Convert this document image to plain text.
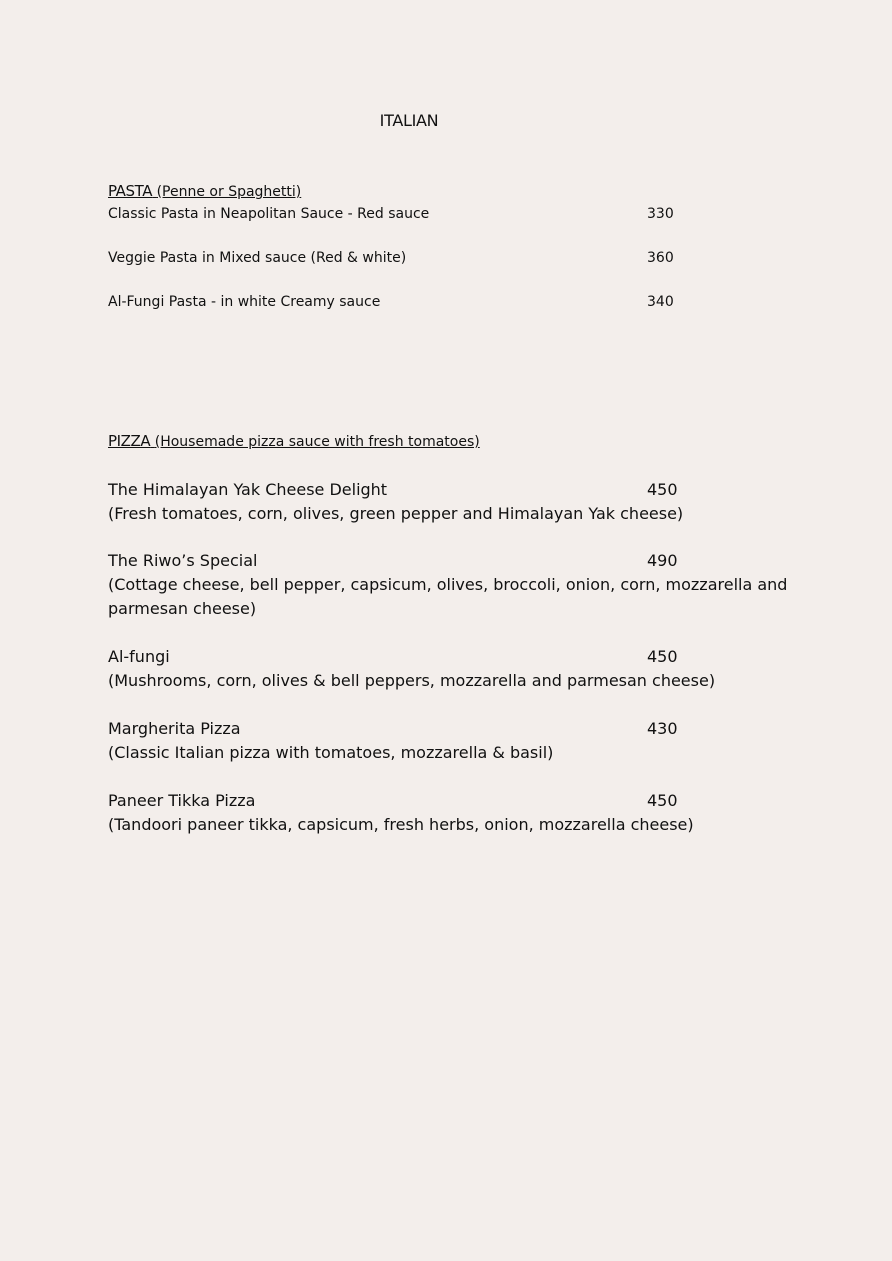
ITALIAN
PASTA (Penne or Spaghetti)
Classic Pasta in Neapolitan Sauce - Red sauce	330
Veggie Pasta in Mixed sauce (Red & white)	360
Al-Fungi Pasta - in white Creamy sauce	340
PIZZA (Housemade pizza sauce with fresh tomatoes)
The Himalayan Yak Cheese Delight	450
(Fresh tomatoes, corn, olives, green pepper and Himalayan Yak cheese)
The Riwo’s Special	490
(Cottage cheese, bell pepper, capsicum, olives, broccoli, onion, corn, mozzarella and parmesan cheese)
Al-fungi	450
(Mushrooms, corn, olives & bell peppers, mozzarella and parmesan cheese)
Margherita Pizza	430
(Classic Italian pizza with tomatoes, mozzarella & basil)
Paneer Tikka Pizza	450
(Tandoori paneer tikka, capsicum, fresh herbs, onion, mozzarella cheese)
